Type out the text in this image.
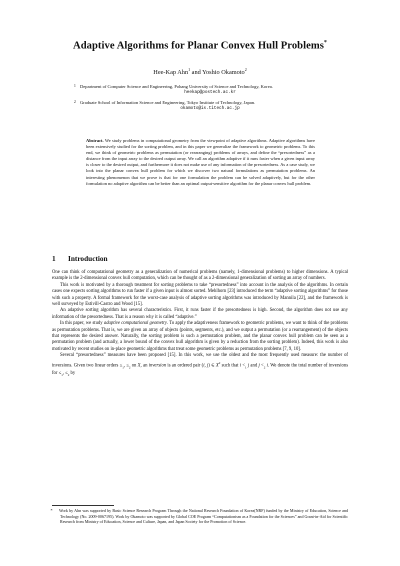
Adaptive Algorithms for Planar Convex Hull Problems*
Hee-Kap Ahn$^1$ and Yoshio Okamoto$^2$
1 Department of Computer Science and Engineering, Pohang University of Science and Technology, Korea.
heekap@postech.ac.kr
2 Graduate School of Information Science and Engineering, Tokyo Institute of Technology, Japan.
okamoto@is.titech.ac.jp
Abstract. We study problems in computational geometry from the viewpoint of adaptive algorithms. Adaptive algorithms have been extensively studied for the sorting problem, and in this paper we generalize the framework to geometric problems. To this end, we think of geometric problems as permutation (or rearranging) problems of arrays, and define the “presortedness” as a distance from the input array to the desired output array. We call an algorithm adaptive if it runs faster when a given input array is closer to the desired output, and furthermore it does not make use of any information of the presortedness. As a case study, we look into the planar convex hull problem for which we discover two natural formulations as permutation problems. An interesting phenomenon that we prove is that for one formulation the problem can be solved adaptively, but for the other formulation no adaptive algorithm can be better than an optimal output-sensitive algorithm for the planar convex hull problem.
1 Introduction

One can think of computational geometry as a generalization of numerical problems (namely, 1-dimensional problems) to higher dimensions. A typical example is the 2-dimensional convex hull computation, which can be thought of as a 2-dimensional generalization of sorting an array of numbers.

This work is motivated by a thorough treatment for sorting problems to take “presortedness” into account in the analysis of the algorithms. In certain cases one expects sorting algorithms to run faster if a given input is almost sorted. Mehlhorn [23] introduced the term “adaptive sorting algorithms” for those with such a property. A formal framework for the worst-case analysis of adaptive sorting algorithms was introduced by Mannila [22], and the framework is well surveyed by Estivill-Castro and Wood [15].

An adaptive sorting algorithm has several characteristics. First, it runs faster if the presortedness is high. Second, the algorithm does not use any information of the presortedness. That is a reason why it is called “adaptive.”

In this paper, we study adaptive computational geometry. To apply the adaptiveness framework to geometric problems, we want to think of the problems as permutation problems. That is, we are given an array of objects (points, segments, etc.), and we output a permutation (or a rearrangement) of the objects that represents the desired answer. Naturally, the sorting problem is such a permutation problem, and the planar convex hull problem can be seen as a permutation problem (and actually, a lower bound of the convex hull algorithm is given by a reduction from the sorting problem). Indeed, this work is also motivated by recent studies on in-place geometric algorithms that treat some geometric problems as permutation problems [7, 9, 10].

Several “presortedness” measures have been proposed [15]. In this work, we use the oldest and the most frequently used measure: the number of inversions. Given two linear orders $\le_1$, $\le_2$ on X, an inversion is an ordered pair (i, j) ∈ $X^2$ such that $i <_1$ j and $j <_2$ i. We denote the total number of inversions for $\le_1$, $\le_2$ by

* Work by Ahn was supported by Basic Science Research Program Through the National Research Foundation of Korea(NRF) funded by the Ministry of Education, Science and Technology (No. 2009-0067195). Work by Okamoto was supported by Global COE Program “Computationism as a Foundation for the Sciences” and Grant-in-Aid for Scientific Research from Ministry of Education, Science and Culture, Japan, and Japan Society for the Promotion of Science.
